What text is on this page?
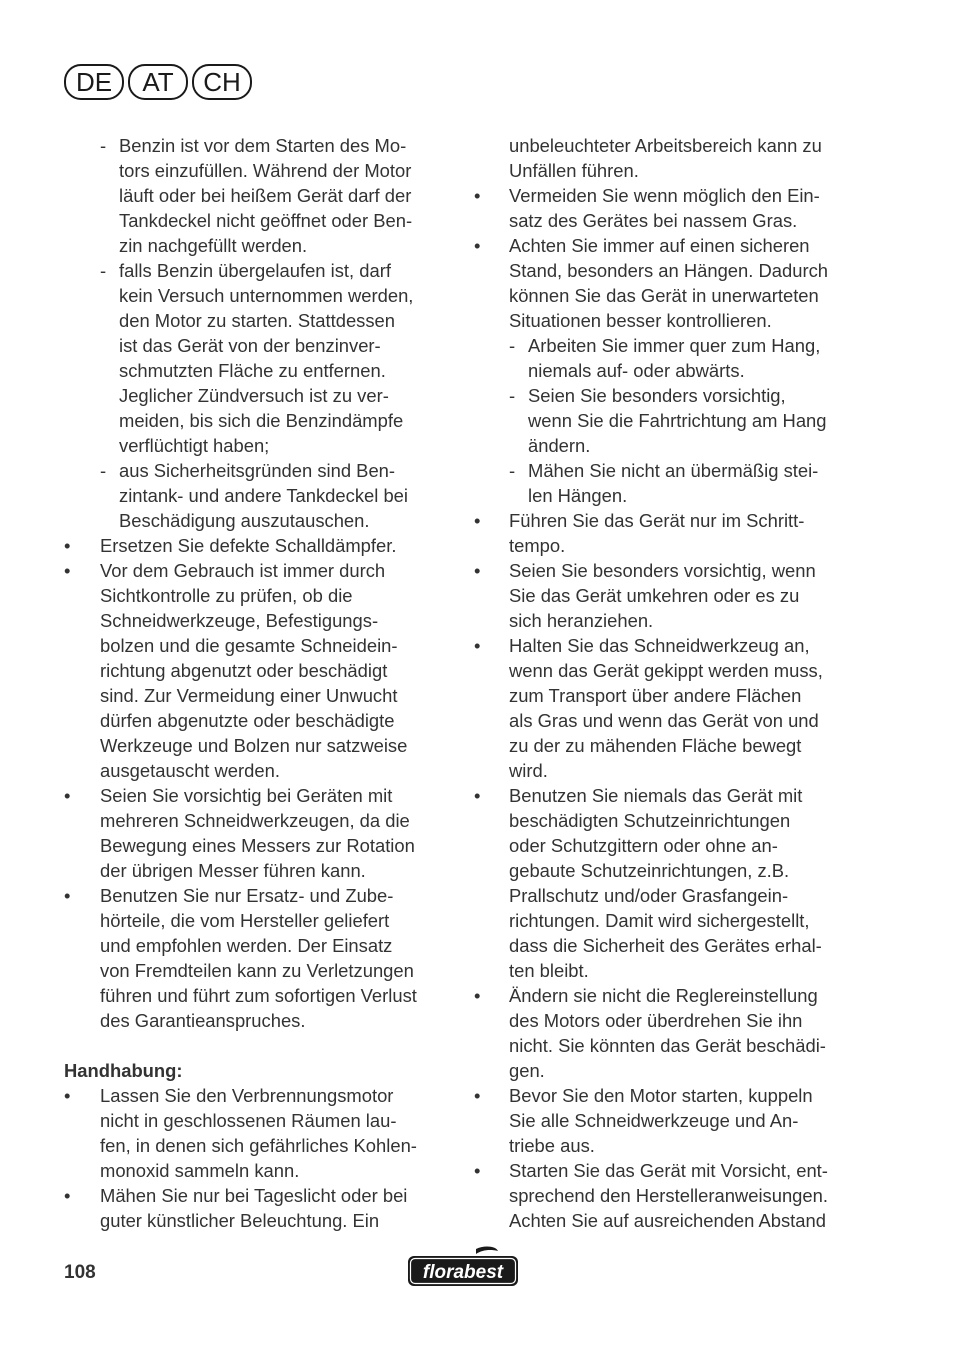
DE	AT	CH
- Benzin ist vor dem Starten des Mo-
tors einzufüllen. Während der Motor
läuft oder bei heißem Gerät darf der
Tankdeckel nicht geöffnet oder Ben-
zin nachgefüllt werden.
- falls Benzin übergelaufen ist, darf
kein Versuch unternommen werden,
den Motor zu starten. Stattdessen
ist das Gerät von der benzinver-
schmutzten Fläche zu entfernen.
Jeglicher Zündversuch ist zu ver-
meiden, bis sich die Benzindämpfe
verflüchtigt haben;
- aus Sicherheitsgründen sind Ben-
zintank- und andere Tankdeckel bei
Beschädigung auszutauschen.
• Ersetzen Sie defekte Schalldämpfer.
• Vor dem Gebrauch ist immer durch
Sichtkontrolle zu prüfen, ob die
Schneidwerkzeuge, Befestigungs-
bolzen und die gesamte Schneidein-
richtung abgenutzt oder beschädigt
sind. Zur Vermeidung einer Unwucht
dürfen abgenutzte oder beschädigte
Werkzeuge und Bolzen nur satzweise
ausgetauscht werden.
• Seien Sie vorsichtig bei Geräten mit
mehreren Schneidwerkzeugen, da die
Bewegung eines Messers zur Rotation
der übrigen Messer führen kann.
• Benutzen Sie nur Ersatz- und Zube-
hörteile, die vom Hersteller geliefert
und empfohlen werden. Der Einsatz
von Fremdteilen kann zu Verletzungen
führen und führt zum sofortigen Verlust
des Garantieanspruches.
Handhabung:
• Lassen Sie den Verbrennungsmotor
nicht in geschlossenen Räumen lau-
fen, in denen sich gefährliches Kohlen-
monoxid sammeln kann.
• Mähen Sie nur bei Tageslicht oder bei
guter künstlicher Beleuchtung. Ein
unbeleuchteter Arbeitsbereich kann zu
Unfällen führen.
• Vermeiden Sie wenn möglich den Ein-
satz des Gerätes bei nassem Gras.
• Achten Sie immer auf einen sicheren
Stand, besonders an Hängen. Dadurch
können Sie das Gerät in unerwarteten
Situationen besser kontrollieren.
- Arbeiten Sie immer quer zum Hang,
niemals auf- oder abwärts.
- Seien Sie besonders vorsichtig,
wenn Sie die Fahrtrichtung am Hang
ändern.
- Mähen Sie nicht an übermäßig stei-
len Hängen.
• Führen Sie das Gerät nur im Schritt-
tempo.
• Seien Sie besonders vorsichtig, wenn
Sie das Gerät umkehren oder es zu
sich heranziehen.
• Halten Sie das Schneidwerkzeug an,
wenn das Gerät gekippt werden muss,
zum Transport über andere Flächen
als Gras und wenn das Gerät von und
zu der zu mähenden Fläche bewegt
wird.
• Benutzen Sie niemals das Gerät mit
beschädigten Schutzeinrichtungen
oder Schutzgittern oder ohne an-
gebaute Schutzeinrichtungen, z.B.
Prallschutz und/oder Grasfangein-
richtungen. Damit wird sichergestellt,
dass die Sicherheit des Gerätes erhal-
ten bleibt.
• Ändern sie nicht die Reglereinstellung
des Motors oder überdrehen Sie ihn
nicht. Sie könnten das Gerät beschädi-
gen.
• Bevor Sie den Motor starten, kuppeln
Sie alle Schneidwerkzeuge und An-
triebe aus.
• Starten Sie das Gerät mit Vorsicht, ent-
sprechend den Herstelleranweisungen.
Achten Sie auf ausreichenden Abstand
108	florabest
